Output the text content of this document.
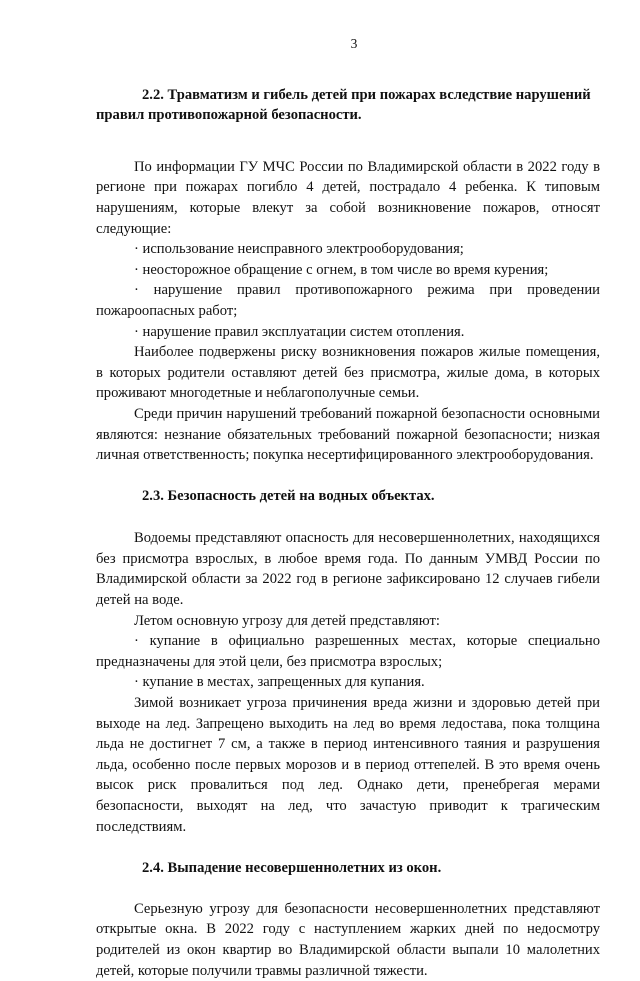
3
2.2. Травматизм и гибель детей при пожарах вследствие нарушений правил противопожарной безопасности.

По информации ГУ МЧС России по Владимирской области в 2022 году в регионе при пожарах погибло 4 детей, пострадало 4 ребенка. К типовым нарушениям, которые влекут за собой возникновение пожаров, относят следующие:

· использование неисправного электрооборудования;

· неосторожное обращение с огнем, в том числе во время курения;

· нарушение правил противопожарного режима при проведении пожароопасных работ;

· нарушение правил эксплуатации систем отопления.

Наиболее подвержены риску возникновения пожаров жилые помещения, в которых родители оставляют детей без присмотра, жилые дома, в которых проживают многодетные и неблагополучные семьи.

Среди причин нарушений требований пожарной безопасности основными являются: незнание обязательных требований пожарной безопасности; низкая личная ответственность; покупка несертифицированного электрооборудования.

2.3. Безопасность детей на водных объектах.

Водоемы представляют опасность для несовершеннолетних, находящихся без присмотра взрослых, в любое время года. По данным УМВД России по Владимирской области за 2022 год в регионе зафиксировано 12 случаев гибели детей на воде.

Летом основную угрозу для детей представляют:

· купание в официально разрешенных местах, которые специально предназначены для этой цели, без присмотра взрослых;

· купание в местах, запрещенных для купания.

Зимой возникает угроза причинения вреда жизни и здоровью детей при выходе на лед. Запрещено выходить на лед во время ледостава, пока толщина льда не достигнет 7 см, а также в период интенсивного таяния и разрушения льда, особенно после первых морозов и в период оттепелей. В это время очень высок риск провалиться под лед. Однако дети, пренебрегая мерами безопасности, выходят на лед, что зачастую приводит к трагическим последствиям.

2.4. Выпадение несовершеннолетних из окон.

Серьезную угрозу для безопасности несовершеннолетних представляют открытые окна. В 2022 году с наступлением жарких дней по недосмотру родителей из окон квартир во Владимирской области выпали 10 малолетних детей, которые получили травмы различной тяжести.
